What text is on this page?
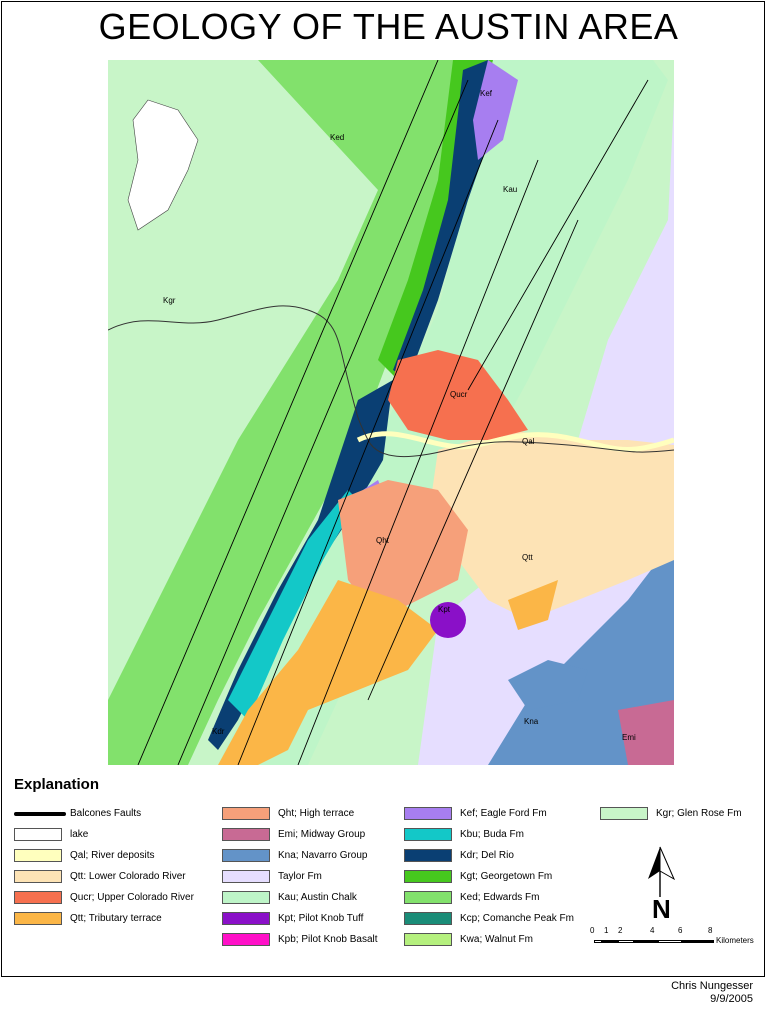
GEOLOGY OF THE AUSTIN AREA
Ked
Kau
Kgr
Kef
Qucr
Qal
Qht
Qtt
Kpt
Kna
Emi
Kdr
Explanation
Balcones Faults
lake
Qal; River deposits
Qtt: Lower Colorado River
Qucr; Upper Colorado River
Qtt; Tributary terrace
Qht; High terrace
Emi; Midway Group
Kna; Navarro Group
Taylor Fm
Kau; Austin Chalk
Kpt; Pilot Knob Tuff
Kpb; Pilot Knob Basalt
Kef; Eagle Ford Fm
Kbu; Buda Fm
Kdr; Del Rio
Kgt; Georgetown Fm
Ked; Edwards Fm
Kcp; Comanche Peak Fm
Kwa; Walnut Fm
Kgr; Glen Rose Fm
N
0 1 2	4	6	8
Kilometers
Chris Nungesser
9/9/2005
